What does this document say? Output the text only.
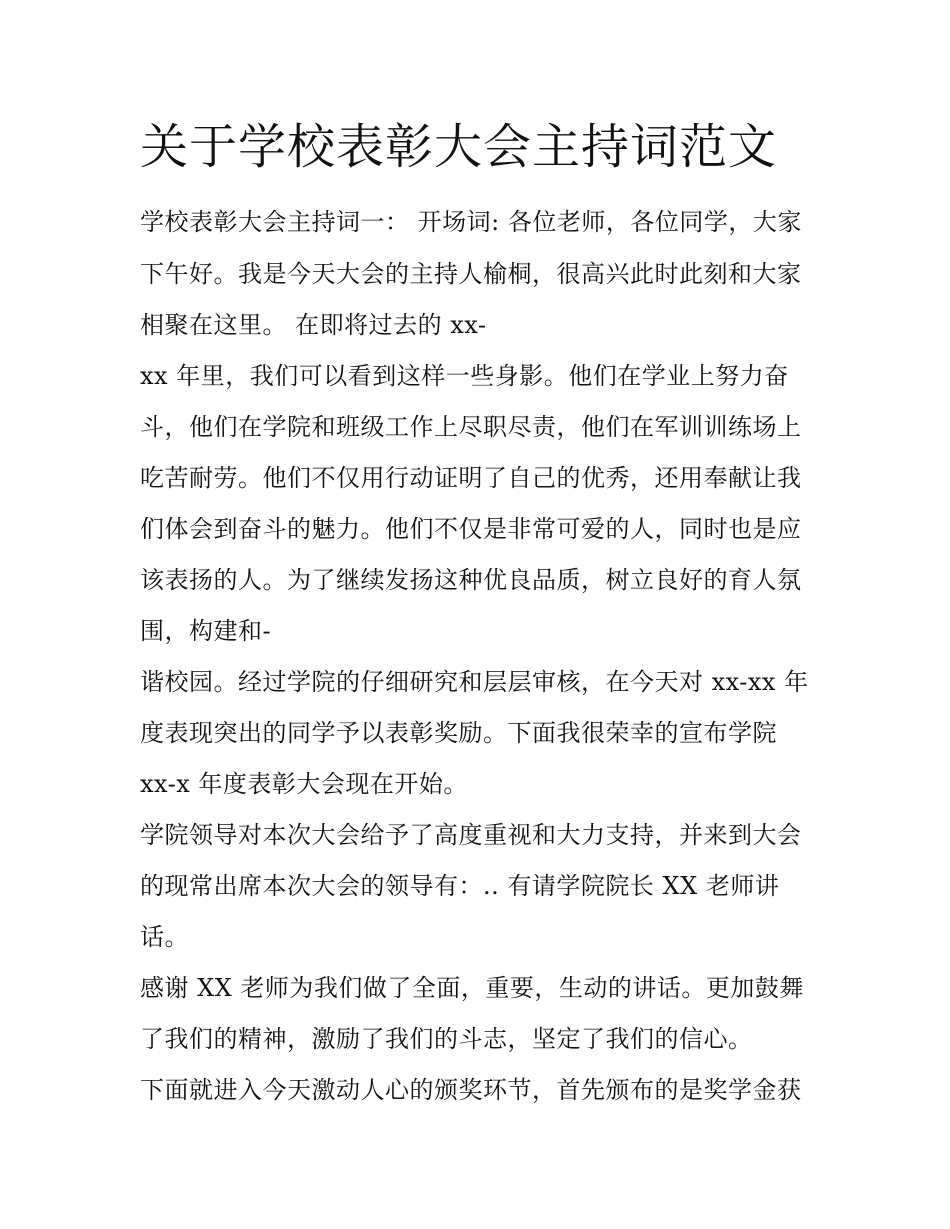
关于学校表彰大会主持词范文

学校表彰大会主持词一： 开场词: 各位老师，各位同学，大家

下午好。我是今天大会的主持人榆桐，很高兴此时此刻和大家

相聚在这里。 在即将过去的 xx-

xx 年里，我们可以看到这样一些身影。他们在学业上努力奋

斗，他们在学院和班级工作上尽职尽责，他们在军训训练场上

吃苦耐劳。他们不仅用行动证明了自己的优秀，还用奉献让我

们体会到奋斗的魅力。他们不仅是非常可爱的人，同时也是应

该表扬的人。为了继续发扬这种优良品质，树立良好的育人氛

围，构建和-

谐校园。经过学院的仔细研究和层层审核，在今天对 xx-xx 年

度表现突出的同学予以表彰奖励。下面我很荣幸的宣布学院

xx-x 年度表彰大会现在开始。

学院领导对本次大会给予了高度重视和大力支持，并来到大会

的现常出席本次大会的领导有：.. 有请学院院长 XX 老师讲

话。

感谢 XX 老师为我们做了全面，重要，生动的讲话。更加鼓舞

了我们的精神，激励了我们的斗志，坚定了我们的信心。

下面就进入今天激动人心的颁奖环节，首先颁布的是奖学金获
